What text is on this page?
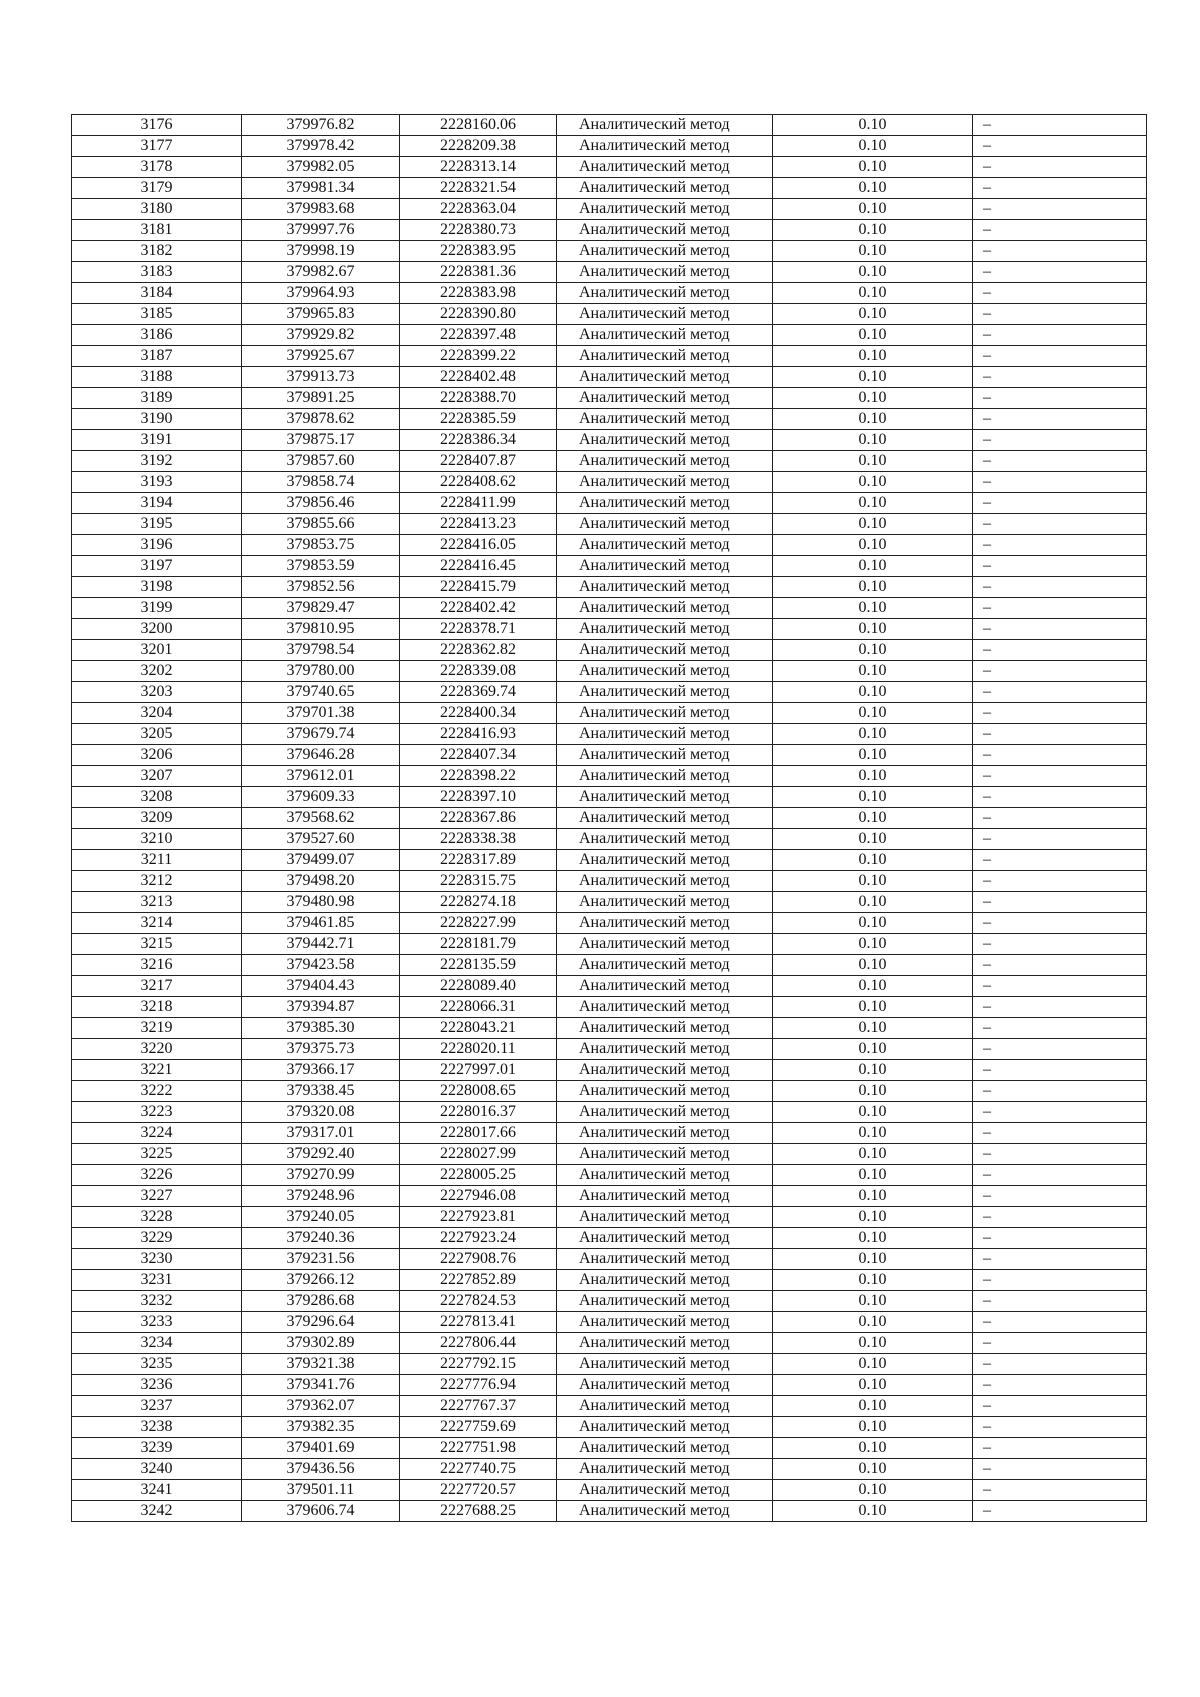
3176	379976.82	2228160.06	Аналитический метод	0.10	–
3177	379978.42	2228209.38	Аналитический метод	0.10	–
3178	379982.05	2228313.14	Аналитический метод	0.10	–
3179	379981.34	2228321.54	Аналитический метод	0.10	–
3180	379983.68	2228363.04	Аналитический метод	0.10	–
3181	379997.76	2228380.73	Аналитический метод	0.10	–
3182	379998.19	2228383.95	Аналитический метод	0.10	–
3183	379982.67	2228381.36	Аналитический метод	0.10	–
3184	379964.93	2228383.98	Аналитический метод	0.10	–
3185	379965.83	2228390.80	Аналитический метод	0.10	–
3186	379929.82	2228397.48	Аналитический метод	0.10	–
3187	379925.67	2228399.22	Аналитический метод	0.10	–
3188	379913.73	2228402.48	Аналитический метод	0.10	–
3189	379891.25	2228388.70	Аналитический метод	0.10	–
3190	379878.62	2228385.59	Аналитический метод	0.10	–
3191	379875.17	2228386.34	Аналитический метод	0.10	–
3192	379857.60	2228407.87	Аналитический метод	0.10	–
3193	379858.74	2228408.62	Аналитический метод	0.10	–
3194	379856.46	2228411.99	Аналитический метод	0.10	–
3195	379855.66	2228413.23	Аналитический метод	0.10	–
3196	379853.75	2228416.05	Аналитический метод	0.10	–
3197	379853.59	2228416.45	Аналитический метод	0.10	–
3198	379852.56	2228415.79	Аналитический метод	0.10	–
3199	379829.47	2228402.42	Аналитический метод	0.10	–
3200	379810.95	2228378.71	Аналитический метод	0.10	–
3201	379798.54	2228362.82	Аналитический метод	0.10	–
3202	379780.00	2228339.08	Аналитический метод	0.10	–
3203	379740.65	2228369.74	Аналитический метод	0.10	–
3204	379701.38	2228400.34	Аналитический метод	0.10	–
3205	379679.74	2228416.93	Аналитический метод	0.10	–
3206	379646.28	2228407.34	Аналитический метод	0.10	–
3207	379612.01	2228398.22	Аналитический метод	0.10	–
3208	379609.33	2228397.10	Аналитический метод	0.10	–
3209	379568.62	2228367.86	Аналитический метод	0.10	–
3210	379527.60	2228338.38	Аналитический метод	0.10	–
3211	379499.07	2228317.89	Аналитический метод	0.10	–
3212	379498.20	2228315.75	Аналитический метод	0.10	–
3213	379480.98	2228274.18	Аналитический метод	0.10	–
3214	379461.85	2228227.99	Аналитический метод	0.10	–
3215	379442.71	2228181.79	Аналитический метод	0.10	–
3216	379423.58	2228135.59	Аналитический метод	0.10	–
3217	379404.43	2228089.40	Аналитический метод	0.10	–
3218	379394.87	2228066.31	Аналитический метод	0.10	–
3219	379385.30	2228043.21	Аналитический метод	0.10	–
3220	379375.73	2228020.11	Аналитический метод	0.10	–
3221	379366.17	2227997.01	Аналитический метод	0.10	–
3222	379338.45	2228008.65	Аналитический метод	0.10	–
3223	379320.08	2228016.37	Аналитический метод	0.10	–
3224	379317.01	2228017.66	Аналитический метод	0.10	–
3225	379292.40	2228027.99	Аналитический метод	0.10	–
3226	379270.99	2228005.25	Аналитический метод	0.10	–
3227	379248.96	2227946.08	Аналитический метод	0.10	–
3228	379240.05	2227923.81	Аналитический метод	0.10	–
3229	379240.36	2227923.24	Аналитический метод	0.10	–
3230	379231.56	2227908.76	Аналитический метод	0.10	–
3231	379266.12	2227852.89	Аналитический метод	0.10	–
3232	379286.68	2227824.53	Аналитический метод	0.10	–
3233	379296.64	2227813.41	Аналитический метод	0.10	–
3234	379302.89	2227806.44	Аналитический метод	0.10	–
3235	379321.38	2227792.15	Аналитический метод	0.10	–
3236	379341.76	2227776.94	Аналитический метод	0.10	–
3237	379362.07	2227767.37	Аналитический метод	0.10	–
3238	379382.35	2227759.69	Аналитический метод	0.10	–
3239	379401.69	2227751.98	Аналитический метод	0.10	–
3240	379436.56	2227740.75	Аналитический метод	0.10	–
3241	379501.11	2227720.57	Аналитический метод	0.10	–
3242	379606.74	2227688.25	Аналитический метод	0.10	–
